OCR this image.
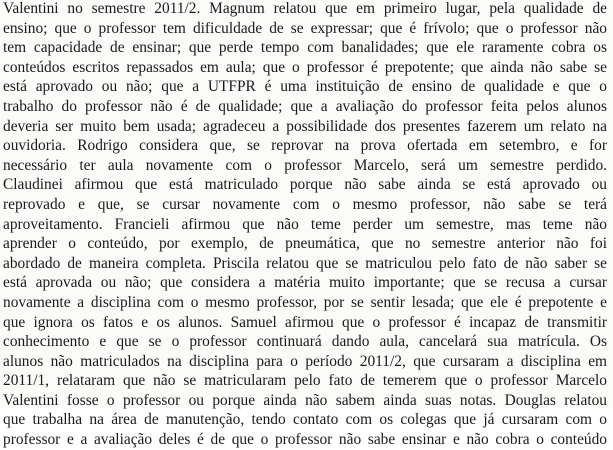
Valentini no semestre 2011/2. Magnum relatou que em primeiro lugar, pela qualidade de
ensino; que o professor tem dificuldade de se expressar; que é frívolo; que o professor não
tem capacidade de ensinar; que perde tempo com banalidades; que ele raramente cobra os
conteúdos escritos repassados em aula; que o professor é prepotente; que ainda não sabe se
está aprovado ou não; que a UTFPR é uma instituição de ensino de qualidade e que o
trabalho do professor não é de qualidade; que a avaliação do professor feita pelos alunos
deveria ser muito bem usada; agradeceu a possibilidade dos presentes fazerem um relato na
ouvidoria. Rodrigo considera que, se reprovar na prova ofertada em setembro, e for
necessário ter aula novamente com o professor Marcelo, será um semestre perdido.
Claudinei afirmou que está matriculado porque não sabe ainda se está aprovado ou
reprovado e que, se cursar novamente com o mesmo professor, não sabe se terá
aproveitamento. Francieli afirmou que não teme perder um semestre, mas teme não
aprender o conteúdo, por exemplo, de pneumática, que no semestre anterior não foi
abordado de maneira completa. Priscila relatou que se matriculou pelo fato de não saber se
está aprovada ou não; que considera a matéria muito importante; que se recusa a cursar
novamente a disciplina com o mesmo professor, por se sentir lesada; que ele é prepotente e
que ignora os fatos e os alunos. Samuel afirmou que o professor é incapaz de transmitir
conhecimento e que se o professor continuará dando aula, cancelará sua matrícula. Os
alunos não matriculados na disciplina para o período 2011/2, que cursaram a disciplina em
2011/1, relataram que não se matricularam pelo fato de temerem que o professor Marcelo
Valentini fosse o professor ou porque ainda não sabem ainda suas notas. Douglas relatou
que trabalha na área de manutenção, tendo contato com os colegas que já cursaram com o
professor e a avaliação deles é de que o professor não sabe ensinar e não cobra o conteúdo
